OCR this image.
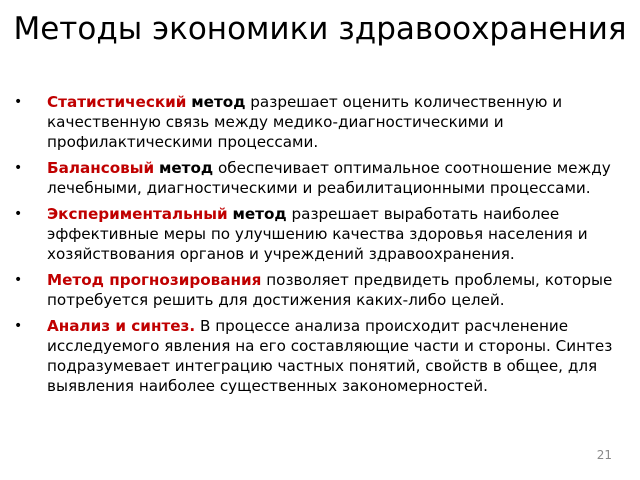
Методы экономики здравоохранения
•	Статистический метод разрешает оценить количественную и качественную связь между медико-диагностическими и профилактическими процессами.
•	Балансовый метод обеспечивает оптимальное соотношение между лечебными, диагностическими и реабилитационными процессами.
•	Экспериментальный метод разрешает выработать наиболее эффективные меры по улучшению качества здоровья населения и хозяйствования органов и учреждений здравоохранения.
•	Метод прогнозирования позволяет предвидеть проблемы, которые потребуется решить для достижения каких-либо целей.
•	Анализ и синтез. В процессе анализа происходит расчленение исследуемого явления на его составляющие части и стороны. Синтез подразумевает интеграцию частных понятий, свойств в общее, для выявления наиболее существенных закономерностей.
21
